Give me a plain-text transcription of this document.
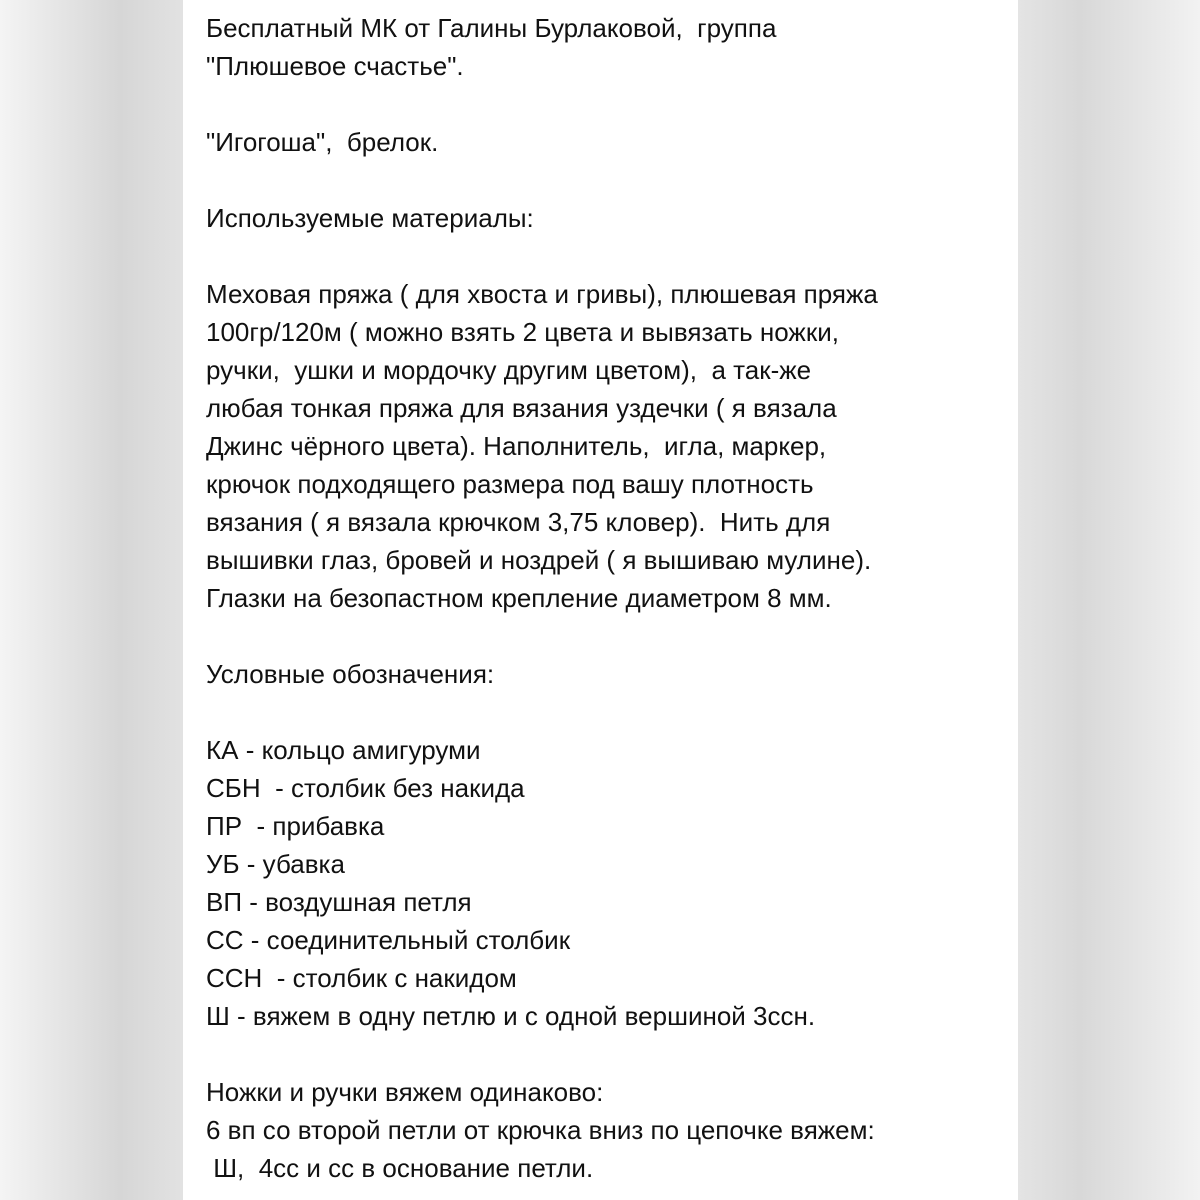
Бесплатный МК от Галины Бурлаковой,  группа
"Плюшевое счастье".
"Игогоша",  брелок.
Используемые материалы:
Меховая пряжа ( для хвоста и гривы), плюшевая пряжа
100гр/120м ( можно взять 2 цвета и вывязать ножки,
ручки,  ушки и мордочку другим цветом),  а так-же
любая тонкая пряжа для вязания уздечки ( я вязала
Джинс чёрного цвета). Наполнитель,  игла, маркер,
крючок подходящего размера под вашу плотность
вязания ( я вязала крючком 3,75 кловер).  Нить для
вышивки глаз, бровей и ноздрей ( я вышиваю мулине).
Глазки на безопастном крепление диаметром 8 мм.
Условные обозначения:
КА - кольцо амигуруми
СБН  - столбик без накида
ПР  - прибавка
УБ - убавка
ВП - воздушная петля
СС - соединительный столбик
ССН  - столбик с накидом
Ш - вяжем в одну петлю и с одной вершиной 3ссн.
Ножки и ручки вяжем одинаково:
6 вп со второй петли от крючка вниз по цепочке вяжем:
Ш,  4сс и сс в основание петли.
